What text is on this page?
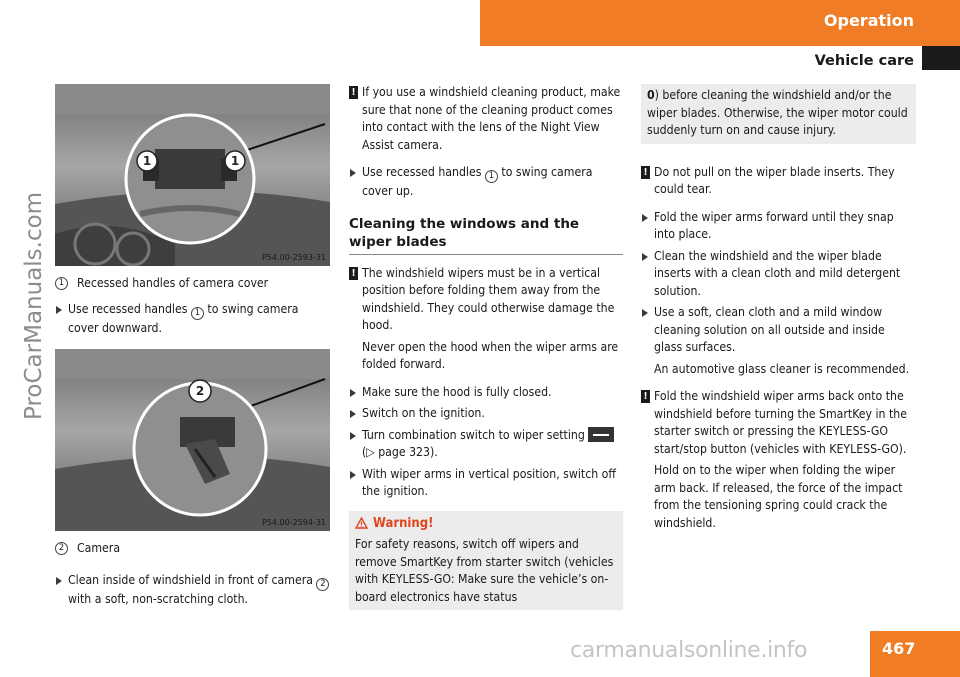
Operation
Vehicle care
ProCarManuals.com
1	1
P54.00-2593-31
1	Recessed handles of camera cover
Use recessed handles 1 to swing camera cover downward.
2
P54.00-2594-31
2	Camera
Clean inside of windshield in front of camera 2 with a soft, non-scratching cloth.
! If you use a windshield cleaning product, make sure that none of the cleaning product comes into contact with the lens of the Night View Assist camera.

Use recessed handles 1 to swing camera cover up.
Cleaning the windows and the wiper blades
! The windshield wipers must be in a vertical position before folding them away from the windshield. They could otherwise damage the hood.

Never open the hood when the wiper arms are folded forward.

Make sure the hood is fully closed.
Switch on the ignition.
Turn combination switch to wiper setting  (▷ page 323).
With wiper arms in vertical position, switch off the ignition.
Warning!

For safety reasons, switch off wipers and remove SmartKey from starter switch (vehicles with KEYLESS-GO: Make sure the vehicle’s on-board electronics have status

0) before cleaning the windshield and/or the wiper blades. Otherwise, the wiper motor could suddenly turn on and cause injury.

! Do not pull on the wiper blade inserts. They could tear.

Fold the wiper arms forward until they snap into place.
Clean the windshield and the wiper blade inserts with a clean cloth and mild detergent solution.

Use a soft, clean cloth and a mild window cleaning solution on all outside and inside glass surfaces.

An automotive glass cleaner is recommended.

! Fold the windshield wiper arms back onto the windshield before turning the SmartKey in the starter switch or pressing the KEYLESS-GO start/stop button (vehicles with KEYLESS-GO).

Hold on to the wiper when folding the wiper arm back. If released, the force of the impact from the tensioning spring could crack the windshield.

467
carmanualsonline.info
